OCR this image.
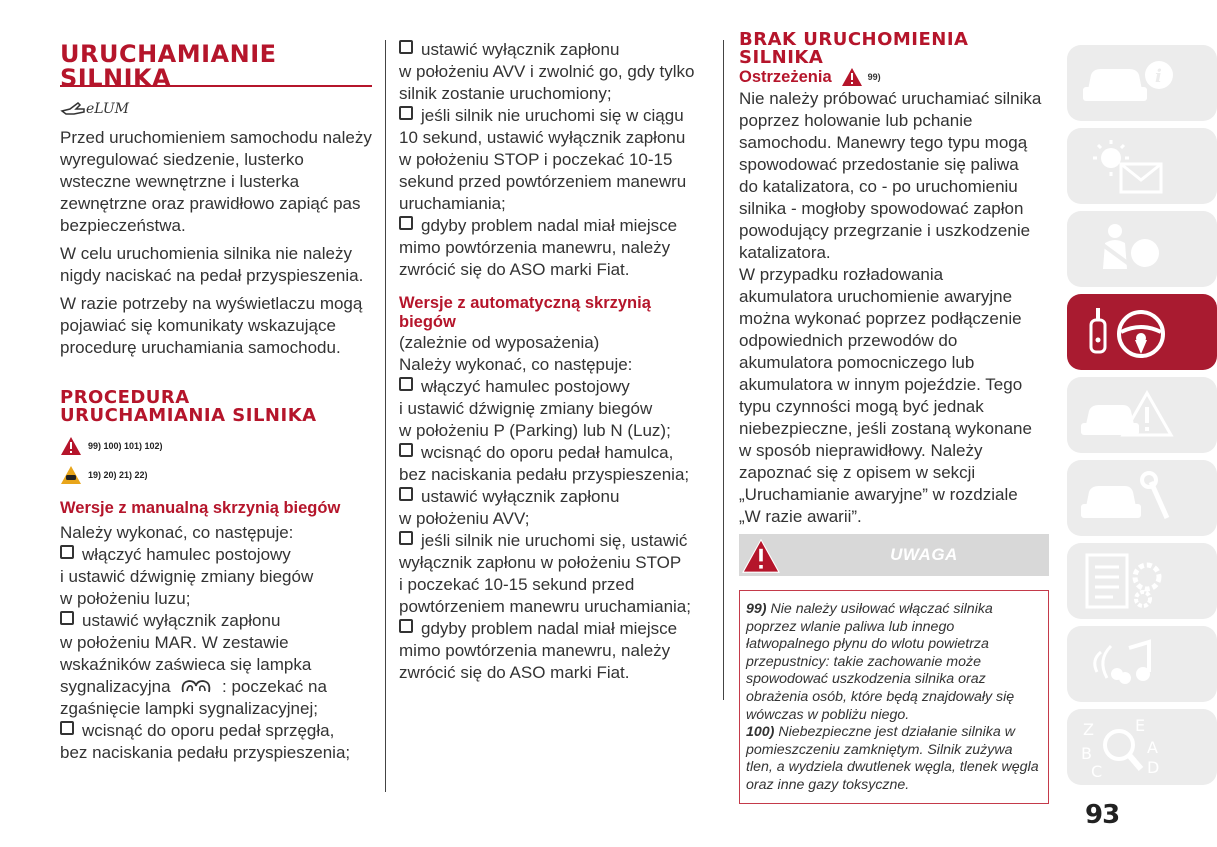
URUCHAMIANIE
SILNIKA
eLUM

Przed uruchomieniem samochodu należy wyregulować siedzenie, lusterko wsteczne wewnętrzne i lusterka zewnętrzne oraz prawidłowo zapiąć pas bezpieczeństwa.

W celu uruchomienia silnika nie należy nigdy naciskać na pedał przyspieszenia.

W razie potrzeby na wyświetlaczu mogą pojawiać się komunikaty wskazujące procedurę uruchamiania samochodu.

PROCEDURA
URUCHAMIANIA SILNIKA
99) 100) 101) 102)
19) 20) 21) 22)
Wersje z manualną skrzynią biegów
Należy wykonać, co następuje:
włączyć hamulec postojowy
i ustawić dźwignię zmiany biegów
w położeniu luzu;
ustawić wyłącznik zapłonu
w położeniu MAR. W zestawie
wskaźników zaświeca się lampka
sygnalizacyjna	: poczekać na
zgaśnięcie lampki sygnalizacyjnej;
wcisnąć do oporu pedał sprzęgła,
bez naciskania pedału przyspieszenia;
ustawić wyłącznik zapłonu
w położeniu AVV i zwolnić go, gdy tylko
silnik zostanie uruchomiony;
jeśli silnik nie uruchomi się w ciągu
10 sekund, ustawić wyłącznik zapłonu
w położeniu STOP i poczekać 10-15
sekund przed powtórzeniem manewru
uruchamiania;
gdyby problem nadal miał miejsce
mimo powtórzenia manewru, należy
zwrócić się do ASO marki Fiat.
Wersje z automatyczną skrzynią
biegów
(zależnie od wyposażenia)
Należy wykonać, co następuje:
włączyć hamulec postojowy
i ustawić dźwignię zmiany biegów
w położeniu P (Parking) lub N (Luz);
wcisnąć do oporu pedał hamulca,
bez naciskania pedału przyspieszenia;
ustawić wyłącznik zapłonu
w położeniu AVV;
jeśli silnik nie uruchomi się, ustawić
wyłącznik zapłonu w położeniu STOP
i poczekać 10-15 sekund przed
powtórzeniem manewru uruchamiania;
gdyby problem nadal miał miejsce
mimo powtórzenia manewru, należy
zwrócić się do ASO marki Fiat.
BRAK URUCHOMIENIA
SILNIKA
Ostrzeżenia	99)
Nie należy próbować uruchamiać silnika
poprzez holowanie lub pchanie
samochodu. Manewry tego typu mogą
spowodować przedostanie się paliwa
do katalizatora, co - po uruchomieniu
silnika - mogłoby spowodować zapłon
powodujący przegrzanie i uszkodzenie
katalizatora.
W przypadku rozładowania
akumulatora uruchomienie awaryjne
można wykonać poprzez podłączenie
odpowiednich przewodów do
akumulatora pomocniczego lub
akumulatora w innym pojeździe. Tego
typu czynności mogą być jednak
niebezpieczne, jeśli zostaną wykonane
w sposób nieprawidłowy. Należy
zapoznać się z opisem w sekcji
„Uruchamianie awaryjne” w rozdziale
„W razie awarii”.
UWAGA
99) Nie należy usiłować włączać silnika poprzez wlanie paliwa lub innego łatwopalnego płynu do wlotu powietrza przepustnicy: takie zachowanie może spowodować uszkodzenia silnika oraz obrażenia osób, które będą znajdowały się wówczas w pobliżu niego.
100) Niebezpieczne jest działanie silnika w pomieszczeniu zamkniętym. Silnik zużywa tlen, a wydziela dwutlenek węgla, tlenek węgla oraz inne gazy toksyczne.
i
Z	E
B	A
C	D
93
